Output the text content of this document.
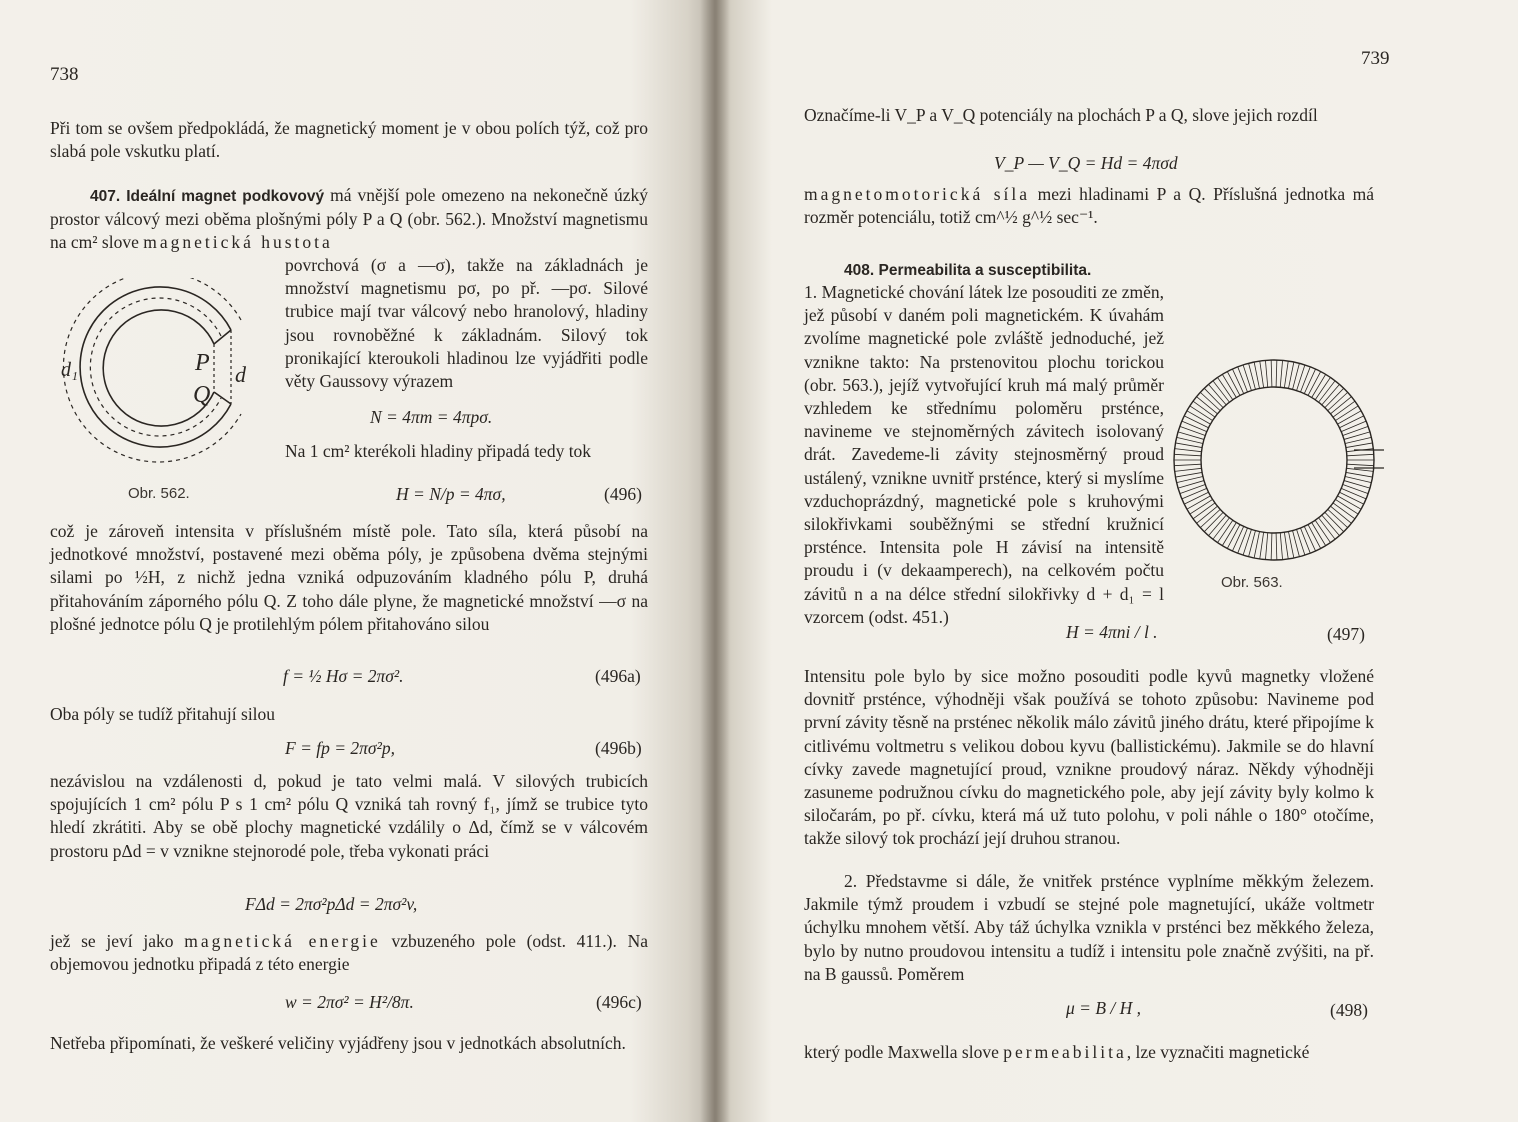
738

Při tom se ovšem předpokládá, že magnetický moment je v obou polích týž, což pro slabá pole vskutku platí.

407. Ideální magnet podkovový má vnější pole omezeno na nekonečně úzký prostor válcový mezi oběma plošnými póly P a Q (obr. 562.). Množství magnetismu na cm² slove magnetická hustota

povrchová (σ a —σ), takže na základnách je množství magnetismu pσ, po př. —pσ. Silové trubice mají tvar válcový nebo hranolový, hladiny jsou rovnoběžné k základnám. Silový tok pronikající kteroukoli hladinou lze vyjádřiti podle věty Gaussovy výrazem

P
Q
d₁	d
N = 4πm = 4πpσ.

Na 1 cm² kterékoli hladiny připadá tedy tok

Obr. 562.	H = N/p = 4πσ,	(496)

což je zároveň intensita v příslušném místě pole. Tato síla, která působí na jednotkové množství, postavené mezi oběma póly, je způsobena dvěma stejnými silami po ½H, z nichž jedna vzniká odpuzováním kladného pólu P, druhá přitahováním záporného pólu Q. Z toho dále plyne, že magnetické množství —σ na plošné jednotce pólu Q je protilehlým pólem přitahováno silou

f = ½ Hσ = 2πσ².	(496a)

Oba póly se tudíž přitahují silou

F = fp = 2πσ²p,	(496b)

nezávislou na vzdálenosti d, pokud je tato velmi malá. V silových trubicích spojujících 1 cm² pólu P s 1 cm² pólu Q vzniká tah rovný f₁, jímž se trubice tyto hledí zkrátiti. Aby se obě plochy magnetické vzdálily o Δd, čímž se v válcovém prostoru pΔd = v vznikne stejnorodé pole, třeba vykonati práci

FΔd = 2πσ²pΔd = 2πσ²v,

jež se jeví jako magnetická energie vzbuzeného pole (odst. 411.). Na objemovou jednotku připadá z této energie

w = 2πσ² = H²/8π.	(496c)

Netřeba připomínati, že veškeré veličiny vyjádřeny jsou v jednotkách absolutních.

739

Označíme-li V_P a V_Q potenciály na plochách P a Q, slove jejich rozdíl

V_P — V_Q = Hd = 4πσd

magnetomotorická síla mezi hladinami P a Q. Příslušná jednotka má rozměr potenciálu, totiž cm^½ g^½ sec⁻¹.

408. Permeabilita a susceptibilita.

1. Magnetické chování látek lze posouditi ze změn, jež působí v daném poli magnetickém. K úvahám zvolíme magnetické pole zvláště jednoduché, jež vznikne takto: Na prstenovitou plochu torickou (obr. 563.), jejíž vytvořující kruh má malý průměr vzhledem ke střednímu poloměru prsténce, navineme ve stejnoměrných závitech isolovaný drát. Zavedeme-li závity stejnosměrný proud ustálený, vznikne uvnitř prsténce, který si myslíme vzduchoprázdný, magnetické pole s kruhovými silokřivkami souběžnými se střední kružnicí prsténce. Intensita pole H závisí na intensitě proudu i (v dekaamperech), na celkovém počtu závitů n a na délce střední silokřivky d + d₁ = l vzorcem (odst. 451.)

Obr. 563.
H = 4πni / l .	(497)

Intensitu pole bylo by sice možno posouditi podle kyvů magnetky vložené dovnitř prsténce, výhodněji však používá se tohoto způsobu: Navineme pod první závity těsně na prsténec několik málo závitů jiného drátu, které připojíme k citlivému voltmetru s velikou dobou kyvu (ballistickému). Jakmile se do hlavní cívky zavede magnetující proud, vznikne proudový náraz. Někdy výhodněji zasuneme podružnou cívku do magnetického pole, aby její závity byly kolmo k siločarám, po př. cívku, která má už tuto polohu, v poli náhle o 180° otočíme, takže silový tok prochází její druhou stranou.

2. Představme si dále, že vnitřek prsténce vyplníme měkkým železem. Jakmile týmž proudem i vzbudí se stejné pole magnetující, ukáže voltmetr úchylku mnohem větší. Aby táž úchylka vznikla v prsténci bez měkkého železa, bylo by nutno proudovou intensitu a tudíž i intensitu pole značně zvýšiti, na př. na B gaussů. Poměrem

μ = B / H ,	(498)

který podle Maxwella slove permeabilita, lze vyznačiti magnetické
